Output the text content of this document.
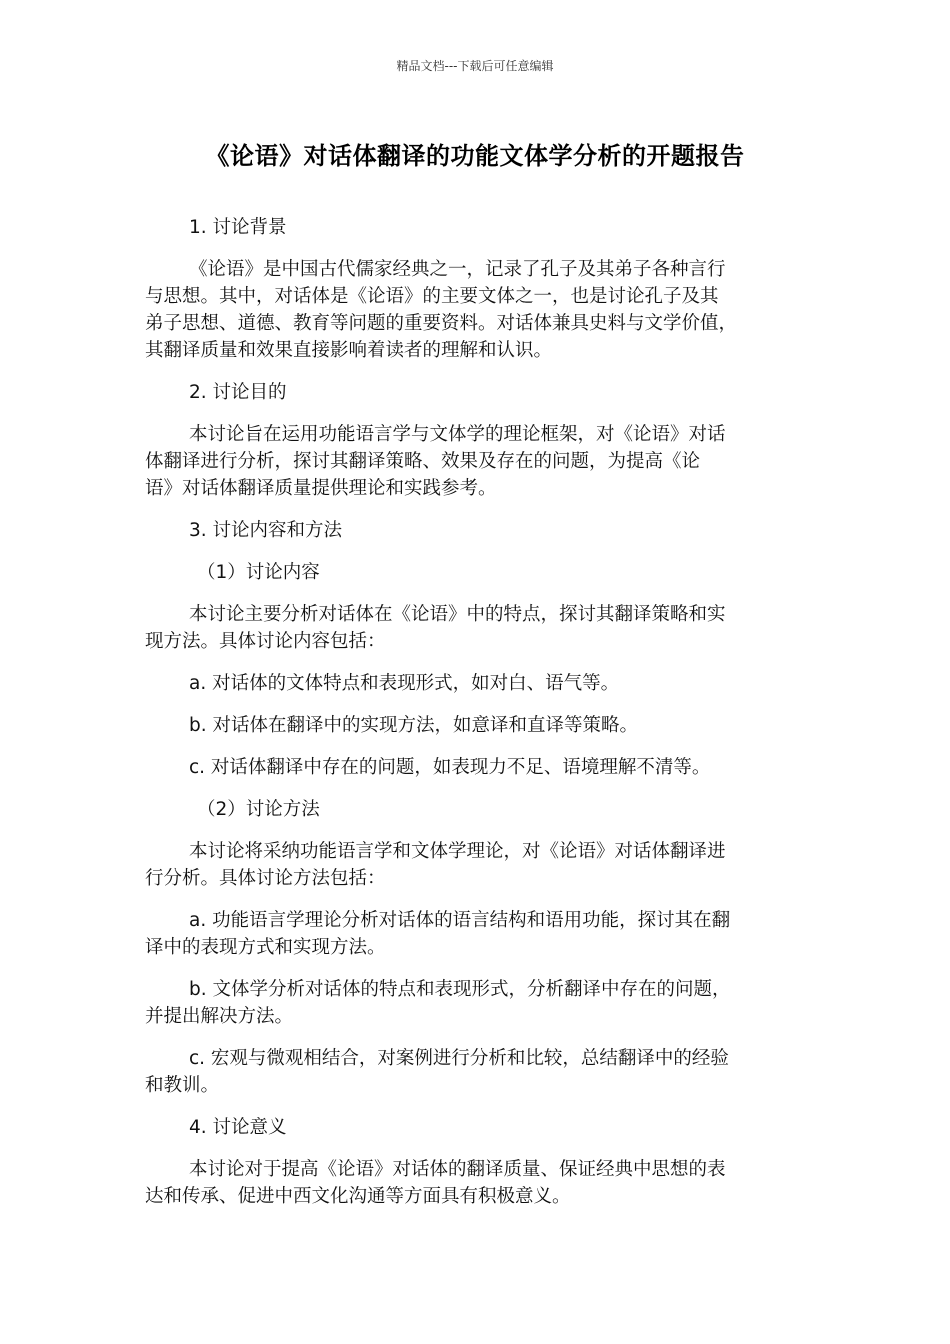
精品文档---下载后可任意编辑
《论语》对话体翻译的功能文体学分析的开题报告
1. 讨论背景
《论语》是中国古代儒家经典之一，记录了孔子及其弟子各种言行
与思想。其中，对话体是《论语》的主要文体之一，也是讨论孔子及其
弟子思想、道德、教育等问题的重要资料。对话体兼具史料与文学价值，
其翻译质量和效果直接影响着读者的理解和认识。
2. 讨论目的
本讨论旨在运用功能语言学与文体学的理论框架，对《论语》对话
体翻译进行分析，探讨其翻译策略、效果及存在的问题，为提高《论
语》对话体翻译质量提供理论和实践参考。
3. 讨论内容和方法
（1）讨论内容
本讨论主要分析对话体在《论语》中的特点，探讨其翻译策略和实
现方法。具体讨论内容包括：
a. 对话体的文体特点和表现形式，如对白、语气等。
b. 对话体在翻译中的实现方法，如意译和直译等策略。
c. 对话体翻译中存在的问题，如表现力不足、语境理解不清等。
（2）讨论方法
本讨论将采纳功能语言学和文体学理论，对《论语》对话体翻译进
行分析。具体讨论方法包括：
a. 功能语言学理论分析对话体的语言结构和语用功能，探讨其在翻
译中的表现方式和实现方法。
b. 文体学分析对话体的特点和表现形式，分析翻译中存在的问题，
并提出解决方法。
c. 宏观与微观相结合，对案例进行分析和比较，总结翻译中的经验
和教训。
4. 讨论意义
本讨论对于提高《论语》对话体的翻译质量、保证经典中思想的表
达和传承、促进中西文化沟通等方面具有积极意义。
